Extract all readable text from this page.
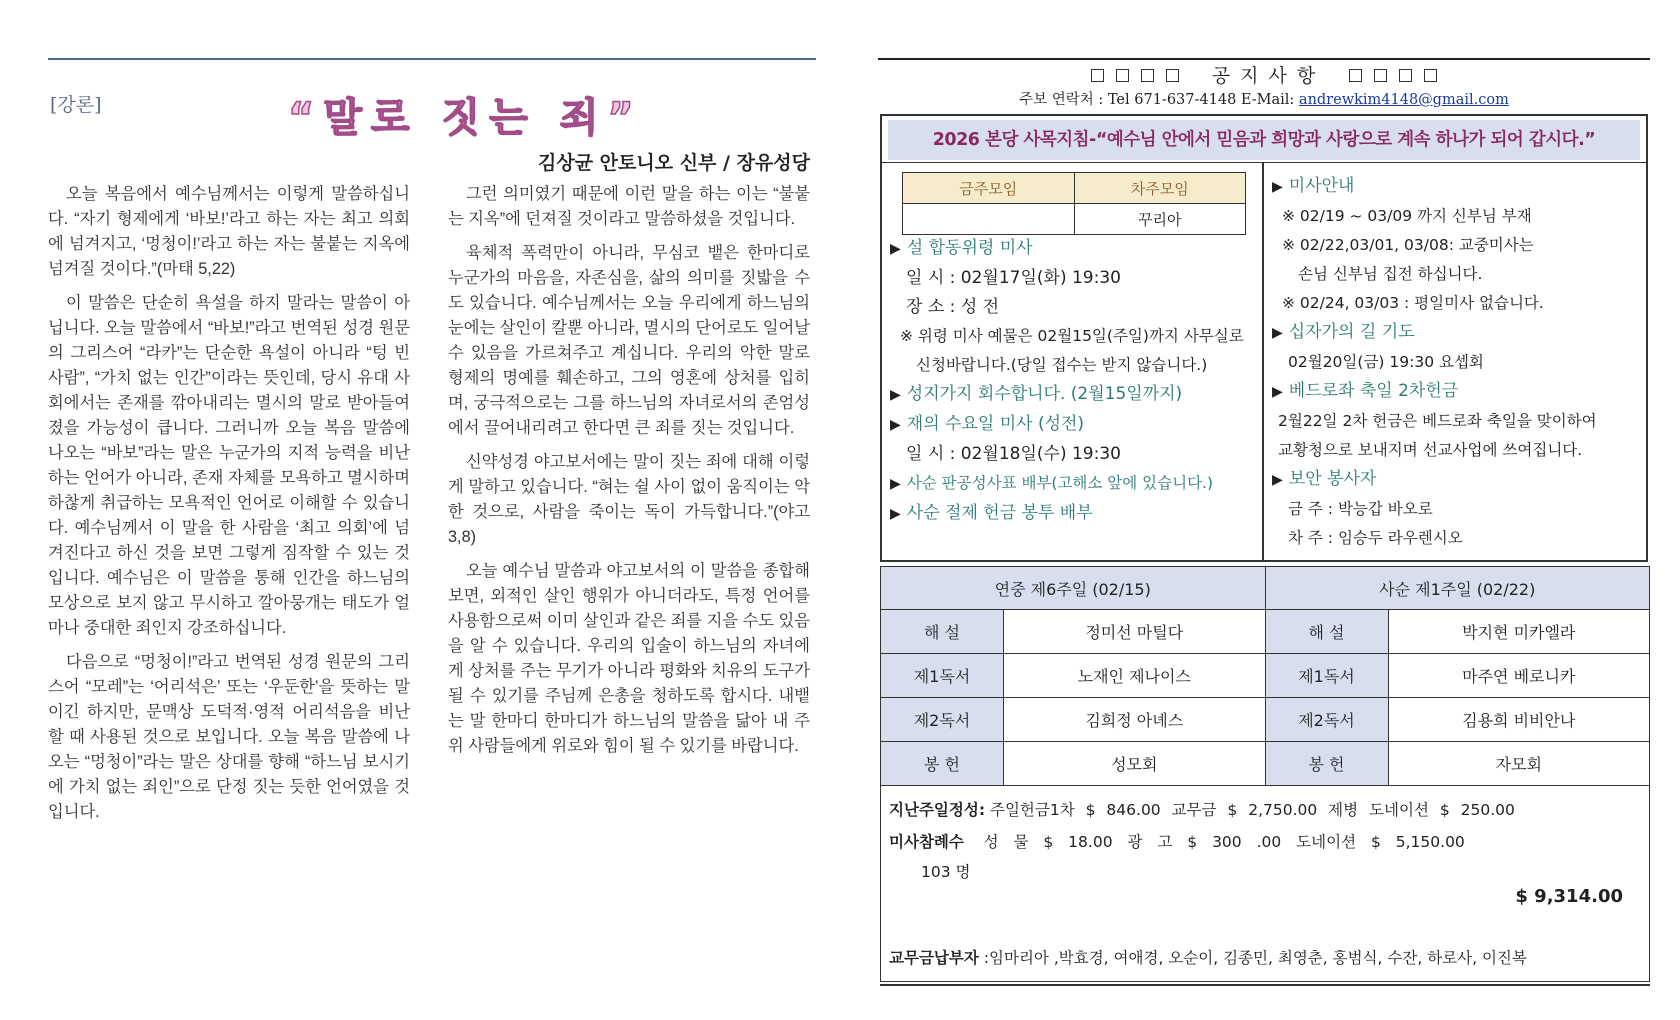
[강론]	“말로 짓는 죄”
김상균 안토니오 신부 / 장유성당

오늘 복음에서 예수님께서는 이렇게 말씀하십니다. “자기 형제에게 ‘바보!’라고 하는 자는 최고 의회에 넘겨지고, ‘멍청이!’라고 하는 자는 불붙는 지옥에 넘겨질 것이다.”(마태 5,22)

이 말씀은 단순히 욕설을 하지 말라는 말씀이 아닙니다. 오늘 말씀에서 “바보!”라고 번역된 성경 원문의 그리스어 “라카”는 단순한 욕설이 아니라 “텅 빈 사람”, “가치 없는 인간”이라는 뜻인데, 당시 유대 사회에서는 존재를 깎아내리는 멸시의 말로 받아들여졌을 가능성이 큽니다. 그러니까 오늘 복음 말씀에 나오는 “바보”라는 말은 누군가의 지적 능력을 비난하는 언어가 아니라, 존재 자체를 모욕하고 멸시하며 하찮게 취급하는 모욕적인 언어로 이해할 수 있습니다. 예수님께서 이 말을 한 사람을 ‘최고 의회’에 넘겨진다고 하신 것을 보면 그렇게 짐작할 수 있는 것입니다. 예수님은 이 말씀을 통해 인간을 하느님의 모상으로 보지 않고 무시하고 깔아뭉개는 태도가 얼마나 중대한 죄인지 강조하십니다.

다음으로 “멍청이!”라고 번역된 성경 원문의 그리스어 “모레”는 ‘어리석은’ 또는 ‘우둔한’을 뜻하는 말이긴 하지만, 문맥상 도덕적·영적 어리석음을 비난할 때 사용된 것으로 보입니다. 오늘 복음 말씀에 나오는 “멍청이”라는 말은 상대를 향해 “하느님 보시기에 가치 없는 죄인”으로 단정 짓는 듯한 언어였을 것입니다.

그런 의미였기 때문에 이런 말을 하는 이는 “불붙는 지옥”에 던져질 것이라고 말씀하셨을 것입니다.

육체적 폭력만이 아니라, 무심코 뱉은 한마디로 누군가의 마음을, 자존심을, 삶의 의미를 짓밟을 수도 있습니다. 예수님께서는 오늘 우리에게 하느님의 눈에는 살인이 칼뿐 아니라, 멸시의 단어로도 일어날 수 있음을 가르쳐주고 계십니다. 우리의 악한 말로 형제의 명예를 훼손하고, 그의 영혼에 상처를 입히며, 궁극적으로는 그를 하느님의 자녀로서의 존엄성에서 끌어내리려고 한다면 큰 죄를 짓는 것입니다.

신약성경 야고보서에는 말이 짓는 죄에 대해 이렇게 말하고 있습니다. “혀는 쉴 사이 없이 움직이는 악한 것으로, 사람을 죽이는 독이 가득합니다.”(야고 3,8)

오늘 예수님 말씀과 야고보서의 이 말씀을 종합해 보면, 외적인 살인 행위가 아니더라도, 특정 언어를 사용함으로써 이미 살인과 같은 죄를 지을 수도 있음을 알 수 있습니다. 우리의 입술이 하느님의 자녀에게 상처를 주는 무기가 아니라 평화와 치유의 도구가 될 수 있기를 주님께 은총을 청하도록 합시다. 내뱉는 말 한마디 한마디가 하느님의 말씀을 닮아 내 주위 사람들에게 위로와 힘이 될 수 있기를 바랍니다.

공지사항
주보 연락처 : Tel 671-637-4148 E-Mail: andrewkim4148@gmail.com
2026 본당 사목지침-“예수님 안에서 믿음과 희망과 사랑으로 계속 하나가 되어 갑시다.”
금주모임	차주모임
	꾸리아
▶ 설 합동위령 미사
일 시 : 02월17일(화) 19:30
장 소 : 성 전
※ 위령 미사 예물은 02월15일(주일)까지 사무실로
신청바랍니다.(당일 접수는 받지 않습니다.)
▶ 성지가지 회수합니다. (2월15일까지)
▶ 재의 수요일 미사 (성전)
일 시 : 02월18일(수) 19:30
▶ 사순 판공성사표 배부(고해소 앞에 있습니다.)
▶ 사순 절제 헌금 봉투 배부
▶ 미사안내
※ 02/19 ~ 03/09 까지 신부님 부재
※ 02/22,03/01, 03/08: 교중미사는
손님 신부님 집전 하십니다.
※ 02/24, 03/03 : 평일미사 없습니다.
▶ 십자가의 길 기도
02월20일(금) 19:30 요셉회
▶ 베드로좌 축일 2차헌금
2월22일 2차 헌금은 베드로좌 축일을 맞이하여
교황청으로 보내지며 선교사업에 쓰여집니다.
▶ 보안 봉사자
금 주 : 박능갑 바오로
차 주 : 임승두 라우렌시오
연중 제6주일 (02/15)		사순 제1주일 (02/22)	
해 설	정미선 마틸다	해 설	박지현 미카엘라
제1독서	노재인 제나이스	제1독서	마주연 베로니카
제2독서	김희정 아녜스	제2독서	김용희 비비안나
봉 헌	성모회	봉 헌	자모회
지난주일정성: 주일헌금1차 $ 846.00 교무금 $ 2,750.00 제병 도네이션 $ 250.00
미사참례수 성 물 $ 18.00 광 고 $ 300 .00 도네이션 $ 5,150.00
103 명
$ 9,314.00
교무금납부자 :임마리아 ,박효경, 여애경, 오순이, 김종민, 최영춘, 홍범식, 수잔, 하로사, 이진복
